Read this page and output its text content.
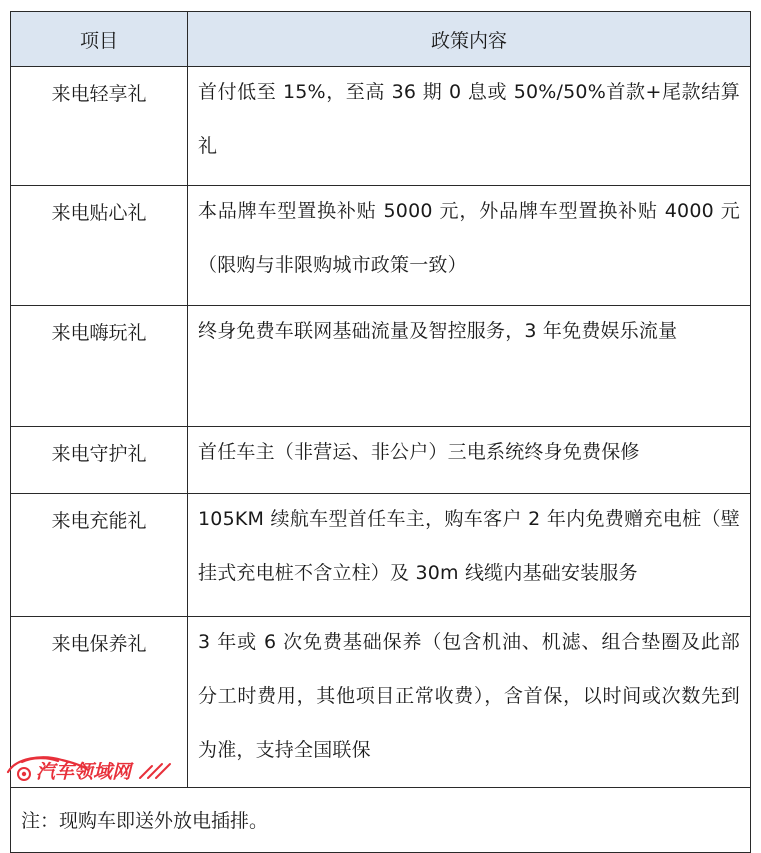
项目	政策内容
来电轻享礼	首付低至 15%，至高 36 期 0 息或 50%/50%首款+尾款结算礼

来电贴心礼	本品牌车型置换补贴 5000 元，外品牌车型置换补贴 4000 元（限购与非限购城市政策一致）

来电嗨玩礼	终身免费车联网基础流量及智控服务，3 年免费娱乐流量

来电守护礼	首任车主（非营运、非公户）三电系统终身免费保修

来电充能礼	105KM 续航车型首任车主，购车客户 2 年内免费赠充电桩（壁挂式充电桩不含立柱）及 30m 线缆内基础安装服务

来电保养礼	3 年或 6 次免费基础保养（包含机油、机滤、组合垫圈及此部分工时费用，其他项目正常收费），含首保，以时间或次数先到为准，支持全国联保

注：现购车即送外放电插排。	
汽车领域网
